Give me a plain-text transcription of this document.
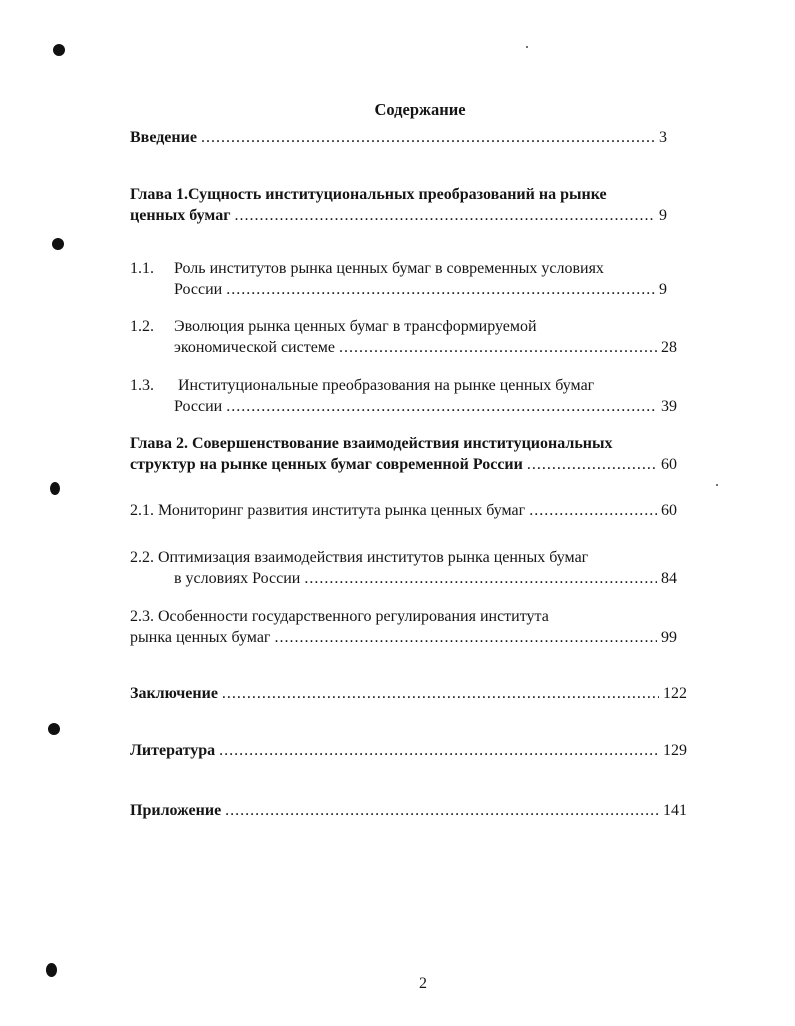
Содержание
Введение .....	3
Глава 1.Сущность институциональных преобразований на рынке
ценных бумаг .....	9
1.1. Роль институтов рынка ценных бумаг в современных условиях
России .....	9
1.2. Эволюция рынка ценных бумаг в трансформируемой
экономической системе .....	28
1.3. Институциональные преобразования на рынке ценных бумаг
России .....	39
Глава 2. Совершенствование взаимодействия институциональных
структур на рынке ценных бумаг современной России .....	60
2.1. Мониторинг развития института рынка ценных бумаг .....	60
2.2. Оптимизация взаимодействия институтов рынка ценных бумаг
в условиях России .....	84
2.3. Особенности государственного регулирования института
рынка ценных бумаг .....	99
Заключение .....	122
Литература .....	129
Приложение .....	141
2
